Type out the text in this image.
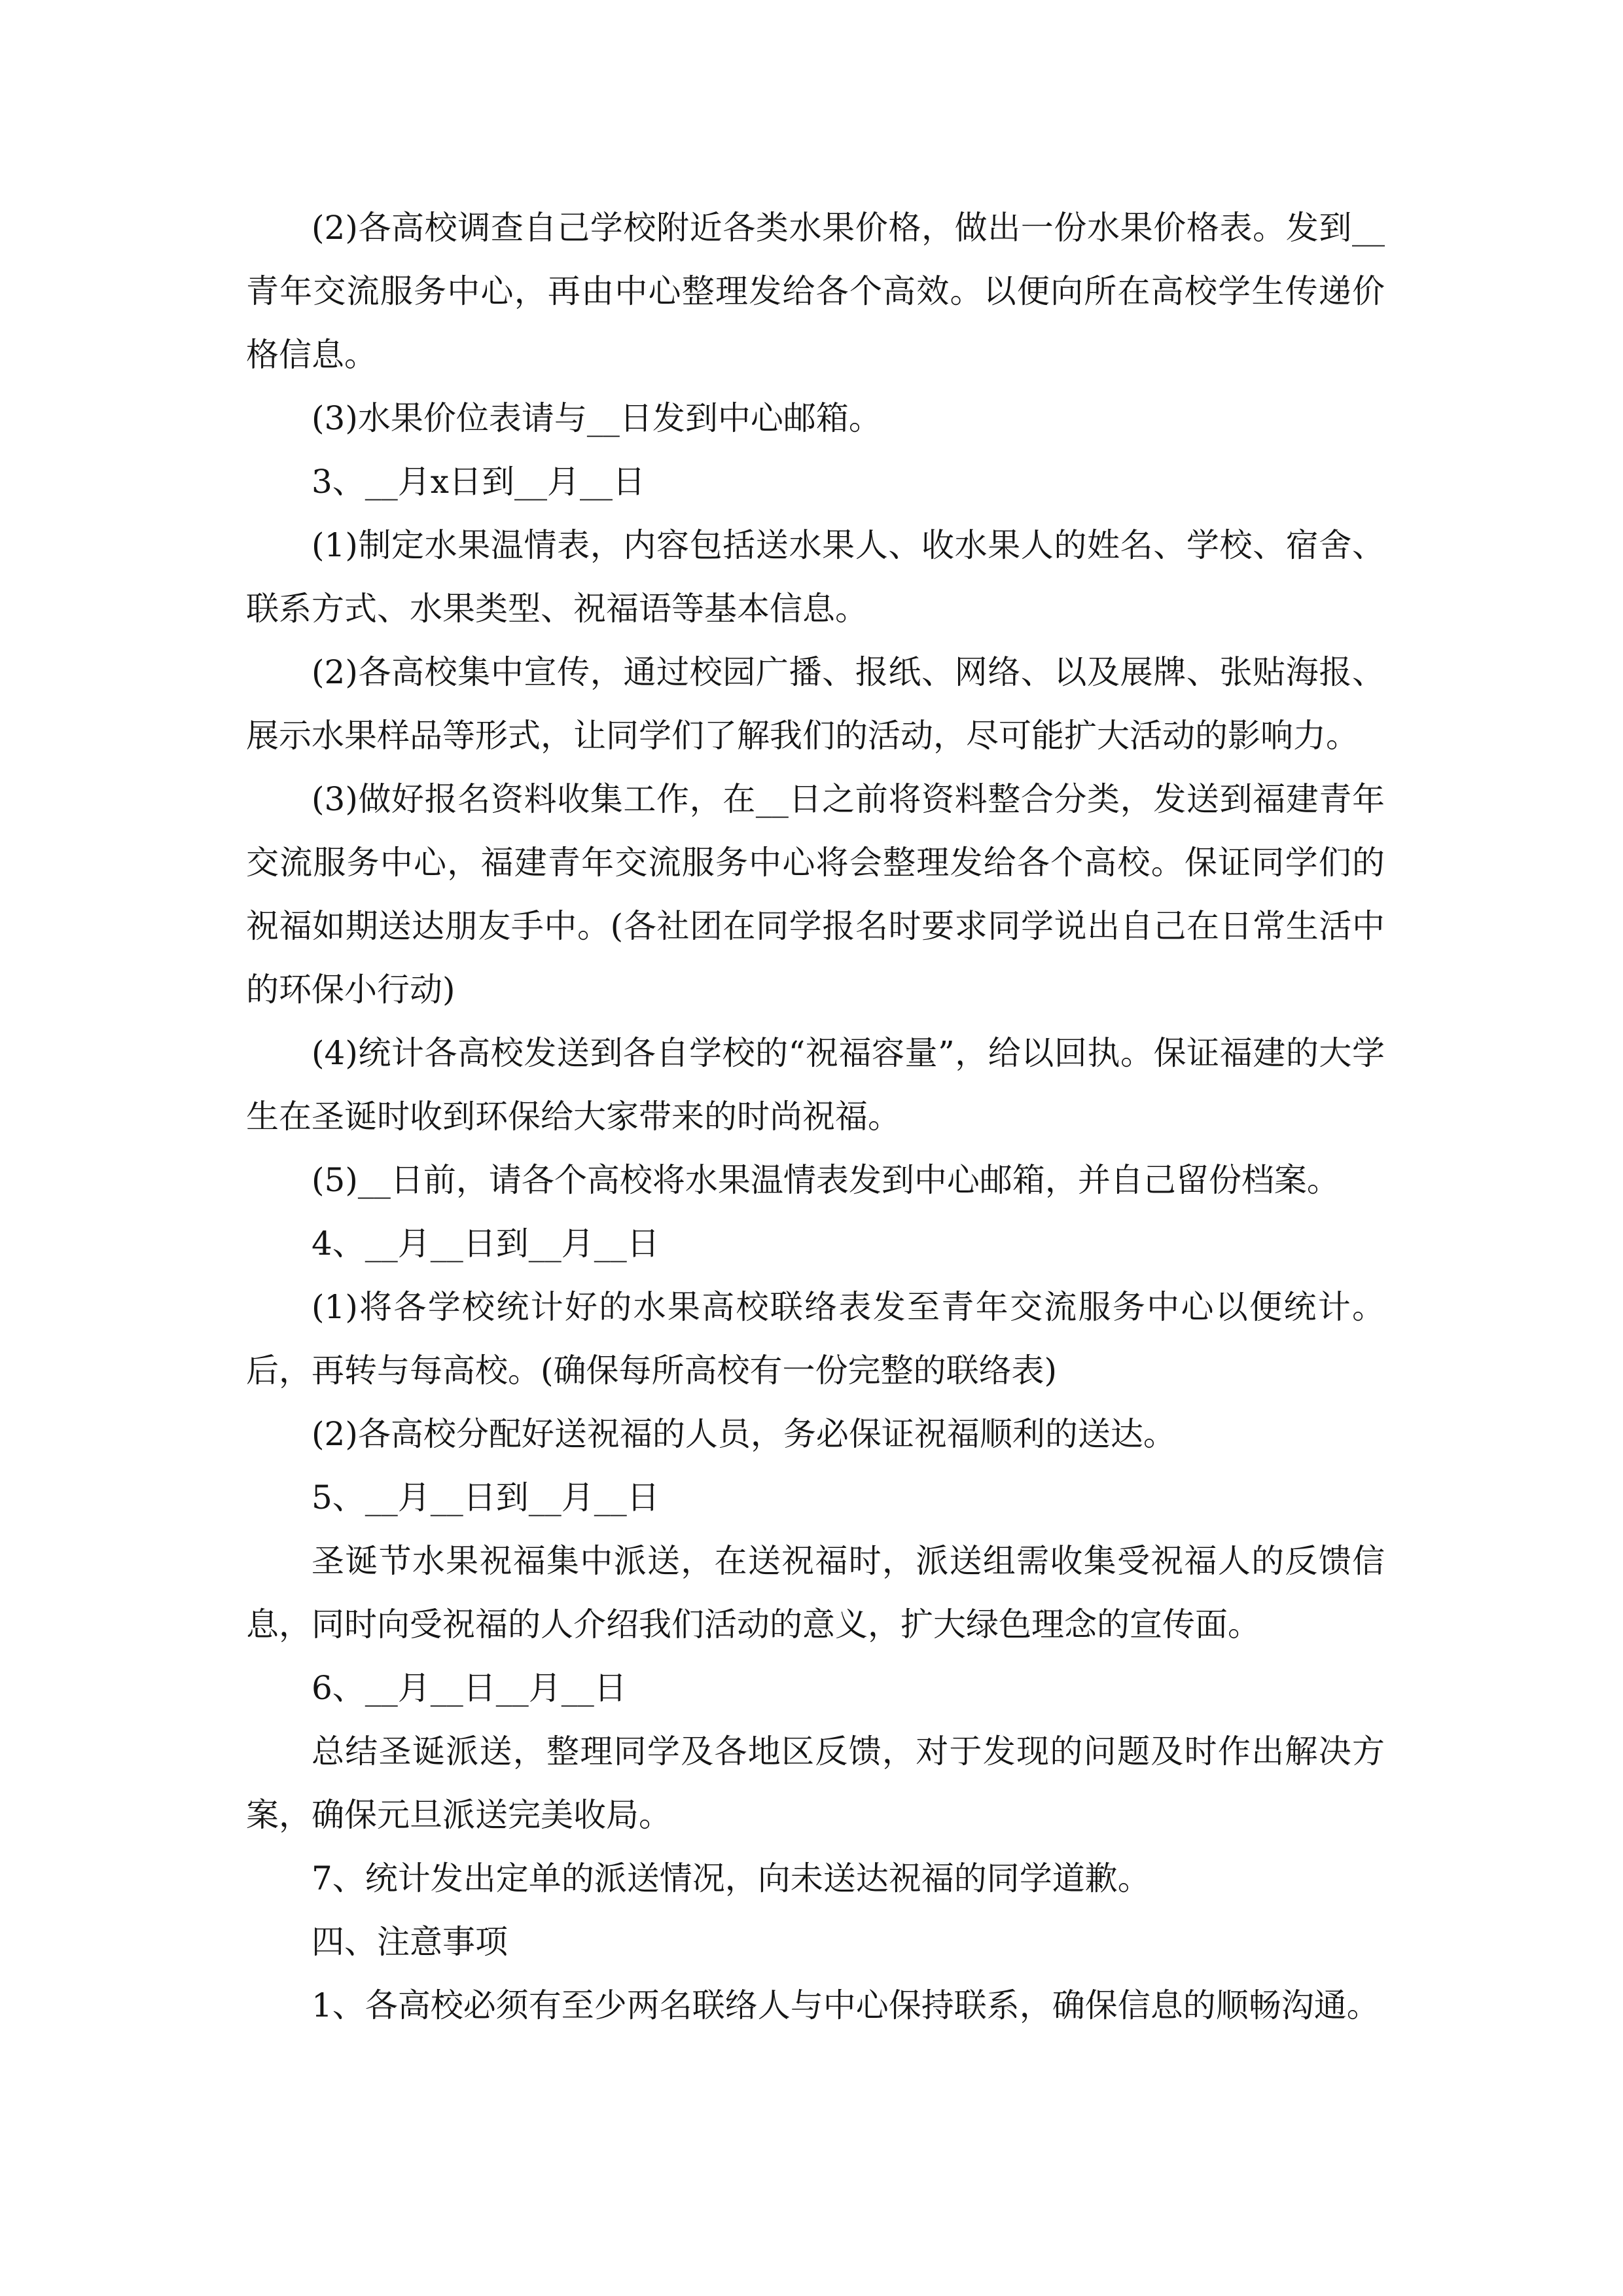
(2)各高校调查自己学校附近各类水果价格，做出一份水果价格表。发到__青年交流服务中心，再由中心整理发给各个高效。以便向所在高校学生传递价格信息。

(3)水果价位表请与__日发到中心邮箱。

3、__月x日到__月__日

(1)制定水果温情表，内容包括送水果人、收水果人的姓名、学校、宿舍、联系方式、水果类型、祝福语等基本信息。

(2)各高校集中宣传，通过校园广播、报纸、网络、以及展牌、张贴海报、展示水果样品等形式，让同学们了解我们的活动，尽可能扩大活动的影响力。

(3)做好报名资料收集工作，在__日之前将资料整合分类，发送到福建青年交流服务中心，福建青年交流服务中心将会整理发给各个高校。保证同学们的祝福如期送达朋友手中。(各社团在同学报名时要求同学说出自己在日常生活中的环保小行动)

(4)统计各高校发送到各自学校的“祝福容量”，给以回执。保证福建的大学生在圣诞时收到环保给大家带来的时尚祝福。

(5)__日前，请各个高校将水果温情表发到中心邮箱，并自己留份档案。

4、__月__日到__月__日

(1)将各学校统计好的水果高校联络表发至青年交流服务中心以便统计。后，再转与每高校。(确保每所高校有一份完整的联络表)

(2)各高校分配好送祝福的人员，务必保证祝福顺利的送达。

5、__月__日到__月__日

圣诞节水果祝福集中派送，在送祝福时，派送组需收集受祝福人的反馈信息，同时向受祝福的人介绍我们活动的意义，扩大绿色理念的宣传面。

6、__月__日__月__日

总结圣诞派送，整理同学及各地区反馈，对于发现的问题及时作出解决方案，确保元旦派送完美收局。

7、统计发出定单的派送情况，向未送达祝福的同学道歉。

四、注意事项

1、各高校必须有至少两名联络人与中心保持联系，确保信息的顺畅沟通。
